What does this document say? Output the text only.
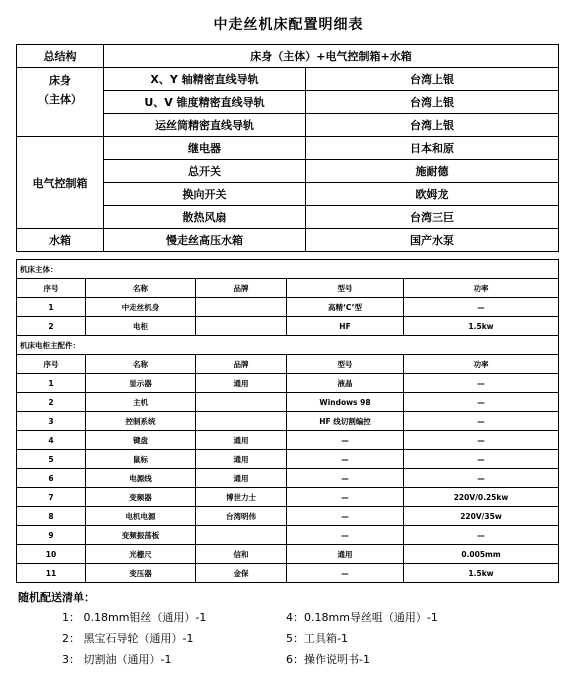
中走丝机床配置明细表
总结构	床身（主体）+电气控制箱+水箱	
床身
（主体）	X、Y 轴精密直线导轨	台湾上银
	U、V 锥度精密直线导轨	台湾上银
	运丝筒精密直线导轨	台湾上银
电气控制箱	继电器	日本和原
	总开关	施耐德
	换向开关	欧姆龙
	散热风扇	台湾三巨
水箱	慢走丝高压水箱	国产水泵
机床主体：				
序号	名称	品牌	型号	功率
1	中走丝机身		高精‘C’型	—
2	电柜		HF	1.5kw
机床电柜主配件：				
序号	名称	品牌	型号	功率
1	显示器	通用	液晶	—
2	主机		Windows 98	—
3	控制系统		HF 线切割编控	—
4	键盘	通用	—	—
5	鼠标	通用	—	—
6	电源线	通用	—	—
7	变频器	博世力士	—	220V/0.25kw
8	电机电源	台湾明伟	—	220V/35w
9	变频振荡板		—	—
10	光栅尺	信和	通用	0.005mm
11	变压器	金保	—	1.5kw
随机配送清单：
1： 0.18mm钼丝（通用）-1	4：0.18mm导丝咀（通用）-1
2： 黑宝石导轮（通用）-1	5：工具箱-1
3： 切割油（通用）-1	6：操作说明书-1
